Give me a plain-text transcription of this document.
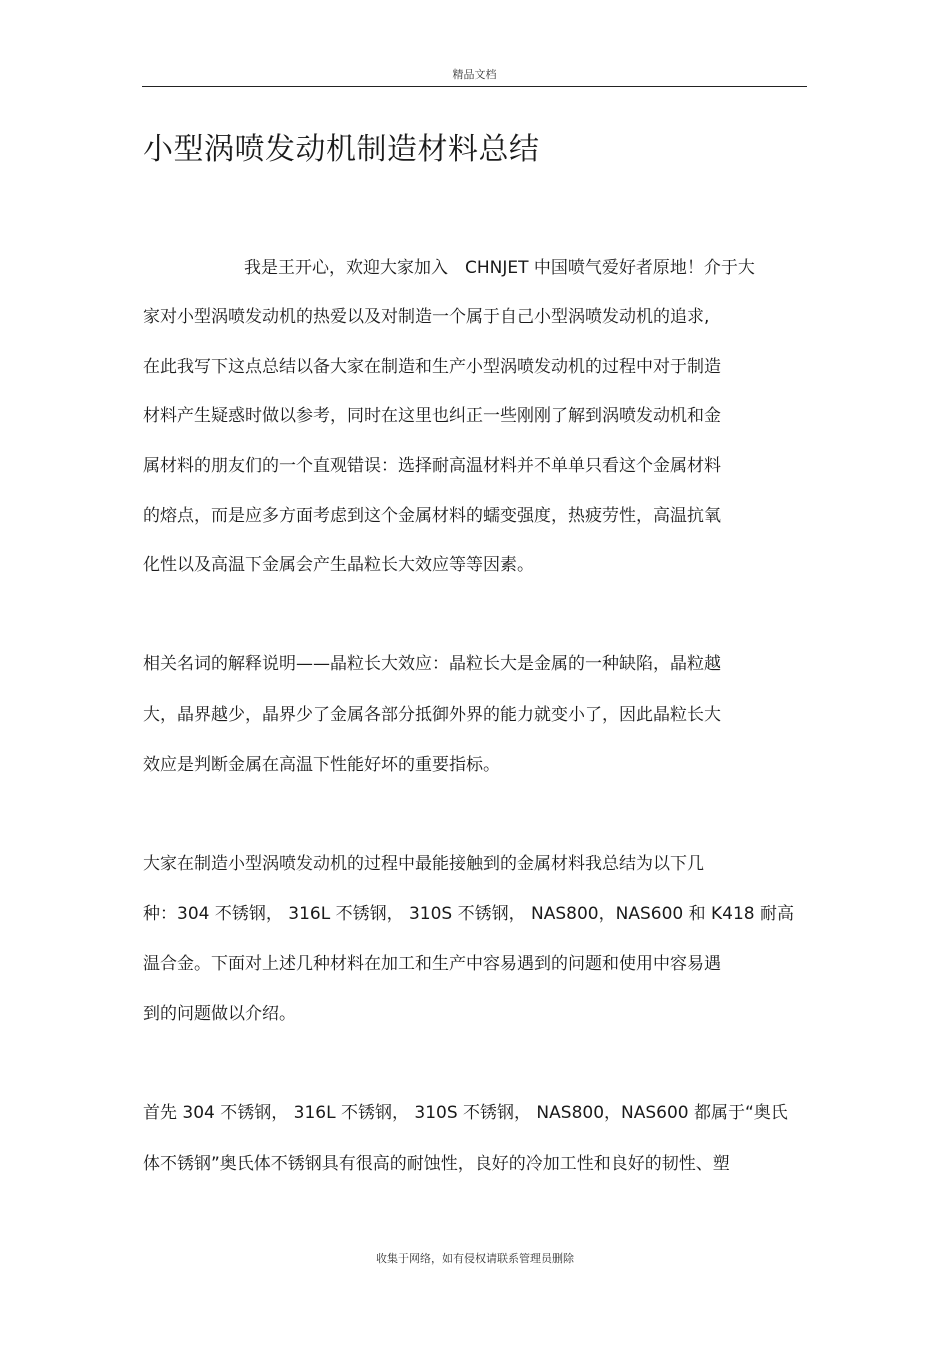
精品文档
小型涡喷发动机制造材料总结

我是王开心，欢迎大家加入　CHNJET 中国喷气爱好者原地！介于大

家对小型涡喷发动机的热爱以及对制造一个属于自己小型涡喷发动机的追求,

在此我写下这点总结以备大家在制造和生产小型涡喷发动机的过程中对于制造

材料产生疑惑时做以参考，同时在这里也纠正一些刚刚了解到涡喷发动机和金

属材料的朋友们的一个直观错误：选择耐高温材料并不单单只看这个金属材料

的熔点，而是应多方面考虑到这个金属材料的蠕变强度，热疲劳性，高温抗氧

化性以及高温下金属会产生晶粒长大效应等等因素。

相关名词的解释说明——晶粒长大效应：晶粒长大是金属的一种缺陷，晶粒越

大，晶界越少，晶界少了金属各部分抵御外界的能力就变小了，因此晶粒长大

效应是判断金属在高温下性能好坏的重要指标。

大家在制造小型涡喷发动机的过程中最能接触到的金属材料我总结为以下几

种：304 不锈钢， 316L 不锈钢， 310S 不锈钢， NAS800，NAS600 和 K418 耐高

温合金。下面对上述几种材料在加工和生产中容易遇到的问题和使用中容易遇

到的问题做以介绍。

首先 304 不锈钢， 316L 不锈钢， 310S 不锈钢， NAS800，NAS600 都属于“奥氏

体不锈钢”奥氏体不锈钢具有很高的耐蚀性，良好的冷加工性和良好的韧性、塑

收集于网络，如有侵权请联系管理员删除
